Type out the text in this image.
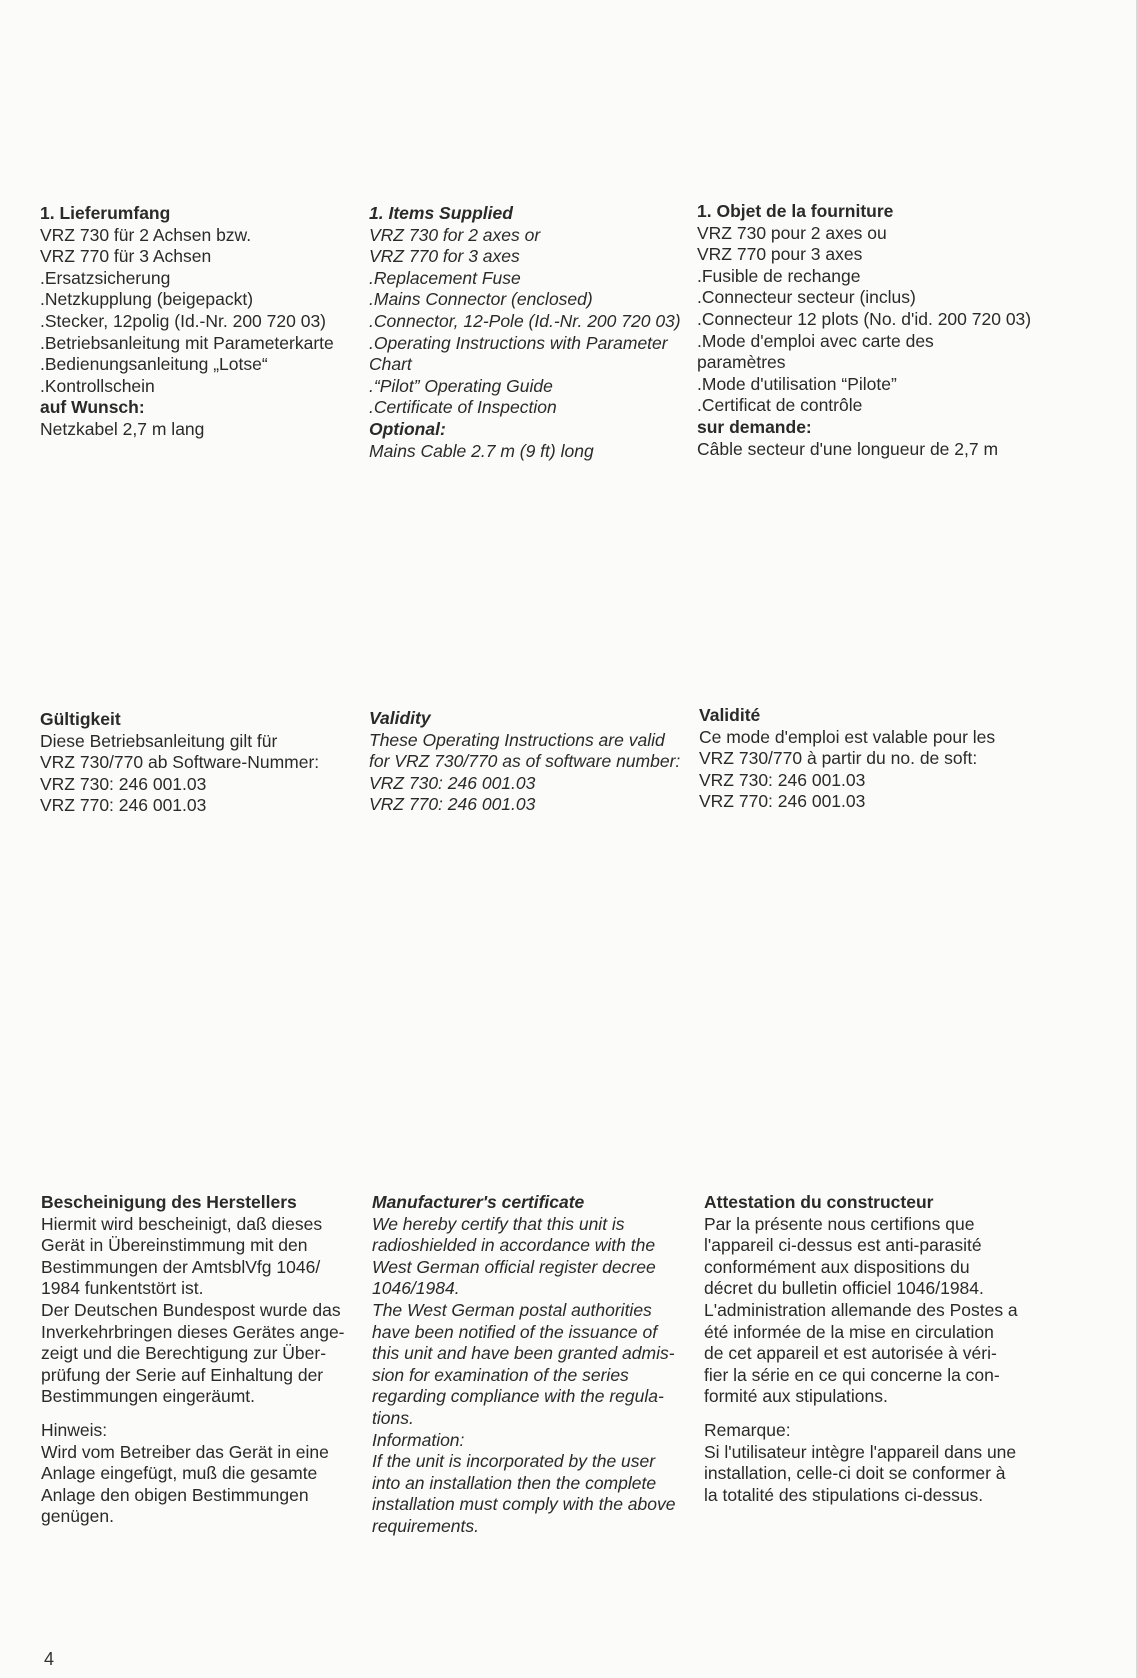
1. Lieferumfang
VRZ 730 für 2 Achsen bzw.
VRZ 770 für 3 Achsen
.Ersatzsicherung
.Netzkupplung (beigepackt)
.Stecker, 12polig (Id.-Nr. 200 720 03)
.Betriebsanleitung mit Parameterkarte
.Bedienungsanleitung „Lotse“
.Kontrollschein
auf Wunsch:
Netzkabel 2,7 m lang
1. Items Supplied
VRZ 730 for 2 axes or
VRZ 770 for 3 axes
.Replacement Fuse
.Mains Connector (enclosed)
.Connector, 12-Pole (Id.-Nr. 200 720 03)
.Operating Instructions with Parameter
Chart
.“Pilot” Operating Guide
.Certificate of Inspection
Optional:
Mains Cable 2.7 m (9 ft) long
1. Objet de la fourniture
VRZ 730 pour 2 axes ou
VRZ 770 pour 3 axes
.Fusible de rechange
.Connecteur secteur (inclus)
.Connecteur 12 plots (No. d'id. 200 720 03)
.Mode d'emploi avec carte des
paramètres
.Mode d'utilisation “Pilote”
.Certificat de contrôle
sur demande:
Câble secteur d'une longueur de 2,7 m
Gültigkeit
Diese Betriebsanleitung gilt für
VRZ 730/770 ab Software-Nummer:
VRZ 730: 246 001.03
VRZ 770: 246 001.03
Validity
These Operating Instructions are valid
for VRZ 730/770 as of software number:
VRZ 730: 246 001.03
VRZ 770: 246 001.03
Validité
Ce mode d'emploi est valable pour les
VRZ 730/770 à partir du no. de soft:
VRZ 730: 246 001.03
VRZ 770: 246 001.03
Bescheinigung des Herstellers
Hiermit wird bescheinigt, daß dieses
Gerät in Übereinstimmung mit den
Bestimmungen der AmtsblVfg 1046/
1984 funkentstört ist.
Der Deutschen Bundespost wurde das
Inverkehrbringen dieses Gerätes ange-
zeigt und die Berechtigung zur Über-
prüfung der Serie auf Einhaltung der
Bestimmungen eingeräumt.
Hinweis:
Wird vom Betreiber das Gerät in eine
Anlage eingefügt, muß die gesamte
Anlage den obigen Bestimmungen
genügen.
Manufacturer's certificate
We hereby certify that this unit is
radioshielded in accordance with the
West German official register decree
1046/1984.
The West German postal authorities
have been notified of the issuance of
this unit and have been granted admis-
sion for examination of the series
regarding compliance with the regula-
tions.
Information:
If the unit is incorporated by the user
into an installation then the complete
installation must comply with the above
requirements.
Attestation du constructeur
Par la présente nous certifions que
l'appareil ci-dessus est anti-parasité
conformément aux dispositions du
décret du bulletin officiel 1046/1984.
L'administration allemande des Postes a
été informée de la mise en circulation
de cet appareil et est autorisée à véri-
fier la série en ce qui concerne la con-
formité aux stipulations.
Remarque:
Si l'utilisateur intègre l'appareil dans une
installation, celle-ci doit se conformer à
la totalité des stipulations ci-dessus.
4
